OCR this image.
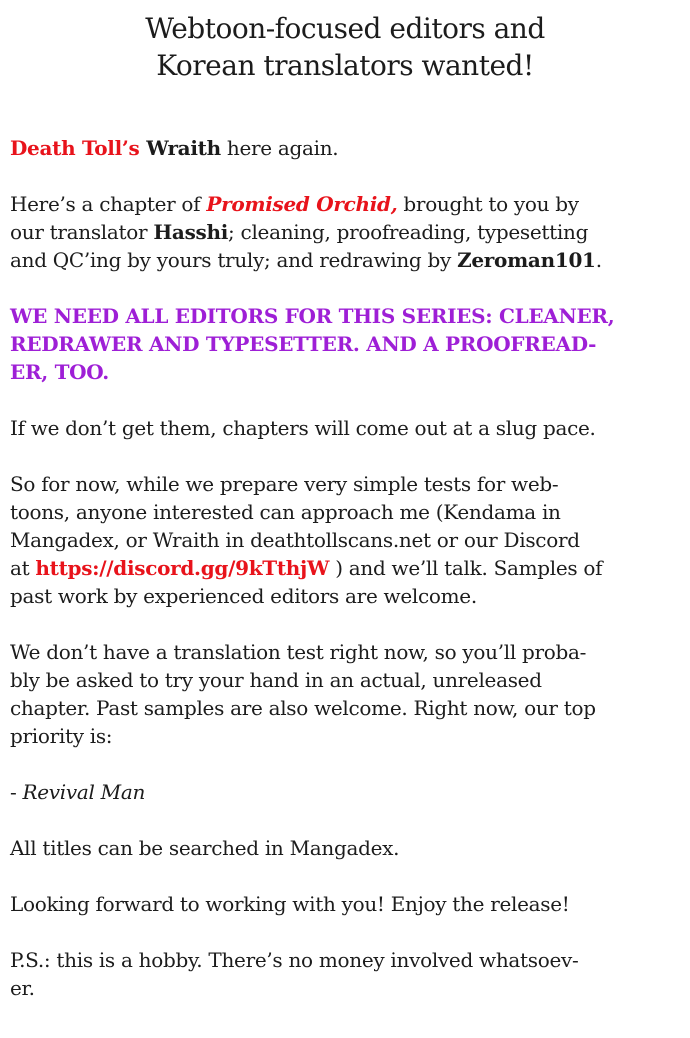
Webtoon-focused editors and
Korean translators wanted!
Death Toll’s Wraith here again.
Here’s a chapter of Promised Orchid, brought to you by
our translator Hasshi; cleaning, proofreading, typesetting
and QC’ing by yours truly; and redrawing by Zeroman101.
WE NEED ALL EDITORS FOR THIS SERIES: CLEANER,
REDRAWER AND TYPESETTER. AND A PROOFREAD-
ER, TOO.
If we don’t get them, chapters will come out at a slug pace.
So for now, while we prepare very simple tests for web-
toons, anyone interested can approach me (Kendama in
Mangadex, or Wraith in deathtollscans.net or our Discord
at https://discord.gg/9kTthjW ) and we’ll talk. Samples of
past work by experienced editors are welcome.
We don’t have a translation test right now, so you’ll proba-
bly be asked to try your hand in an actual, unreleased
chapter. Past samples are also welcome. Right now, our top
priority is:
- Revival Man
All titles can be searched in Mangadex.
Looking forward to working with you! Enjoy the release!
P.S.: this is a hobby. There’s no money involved whatsoev-
er.
